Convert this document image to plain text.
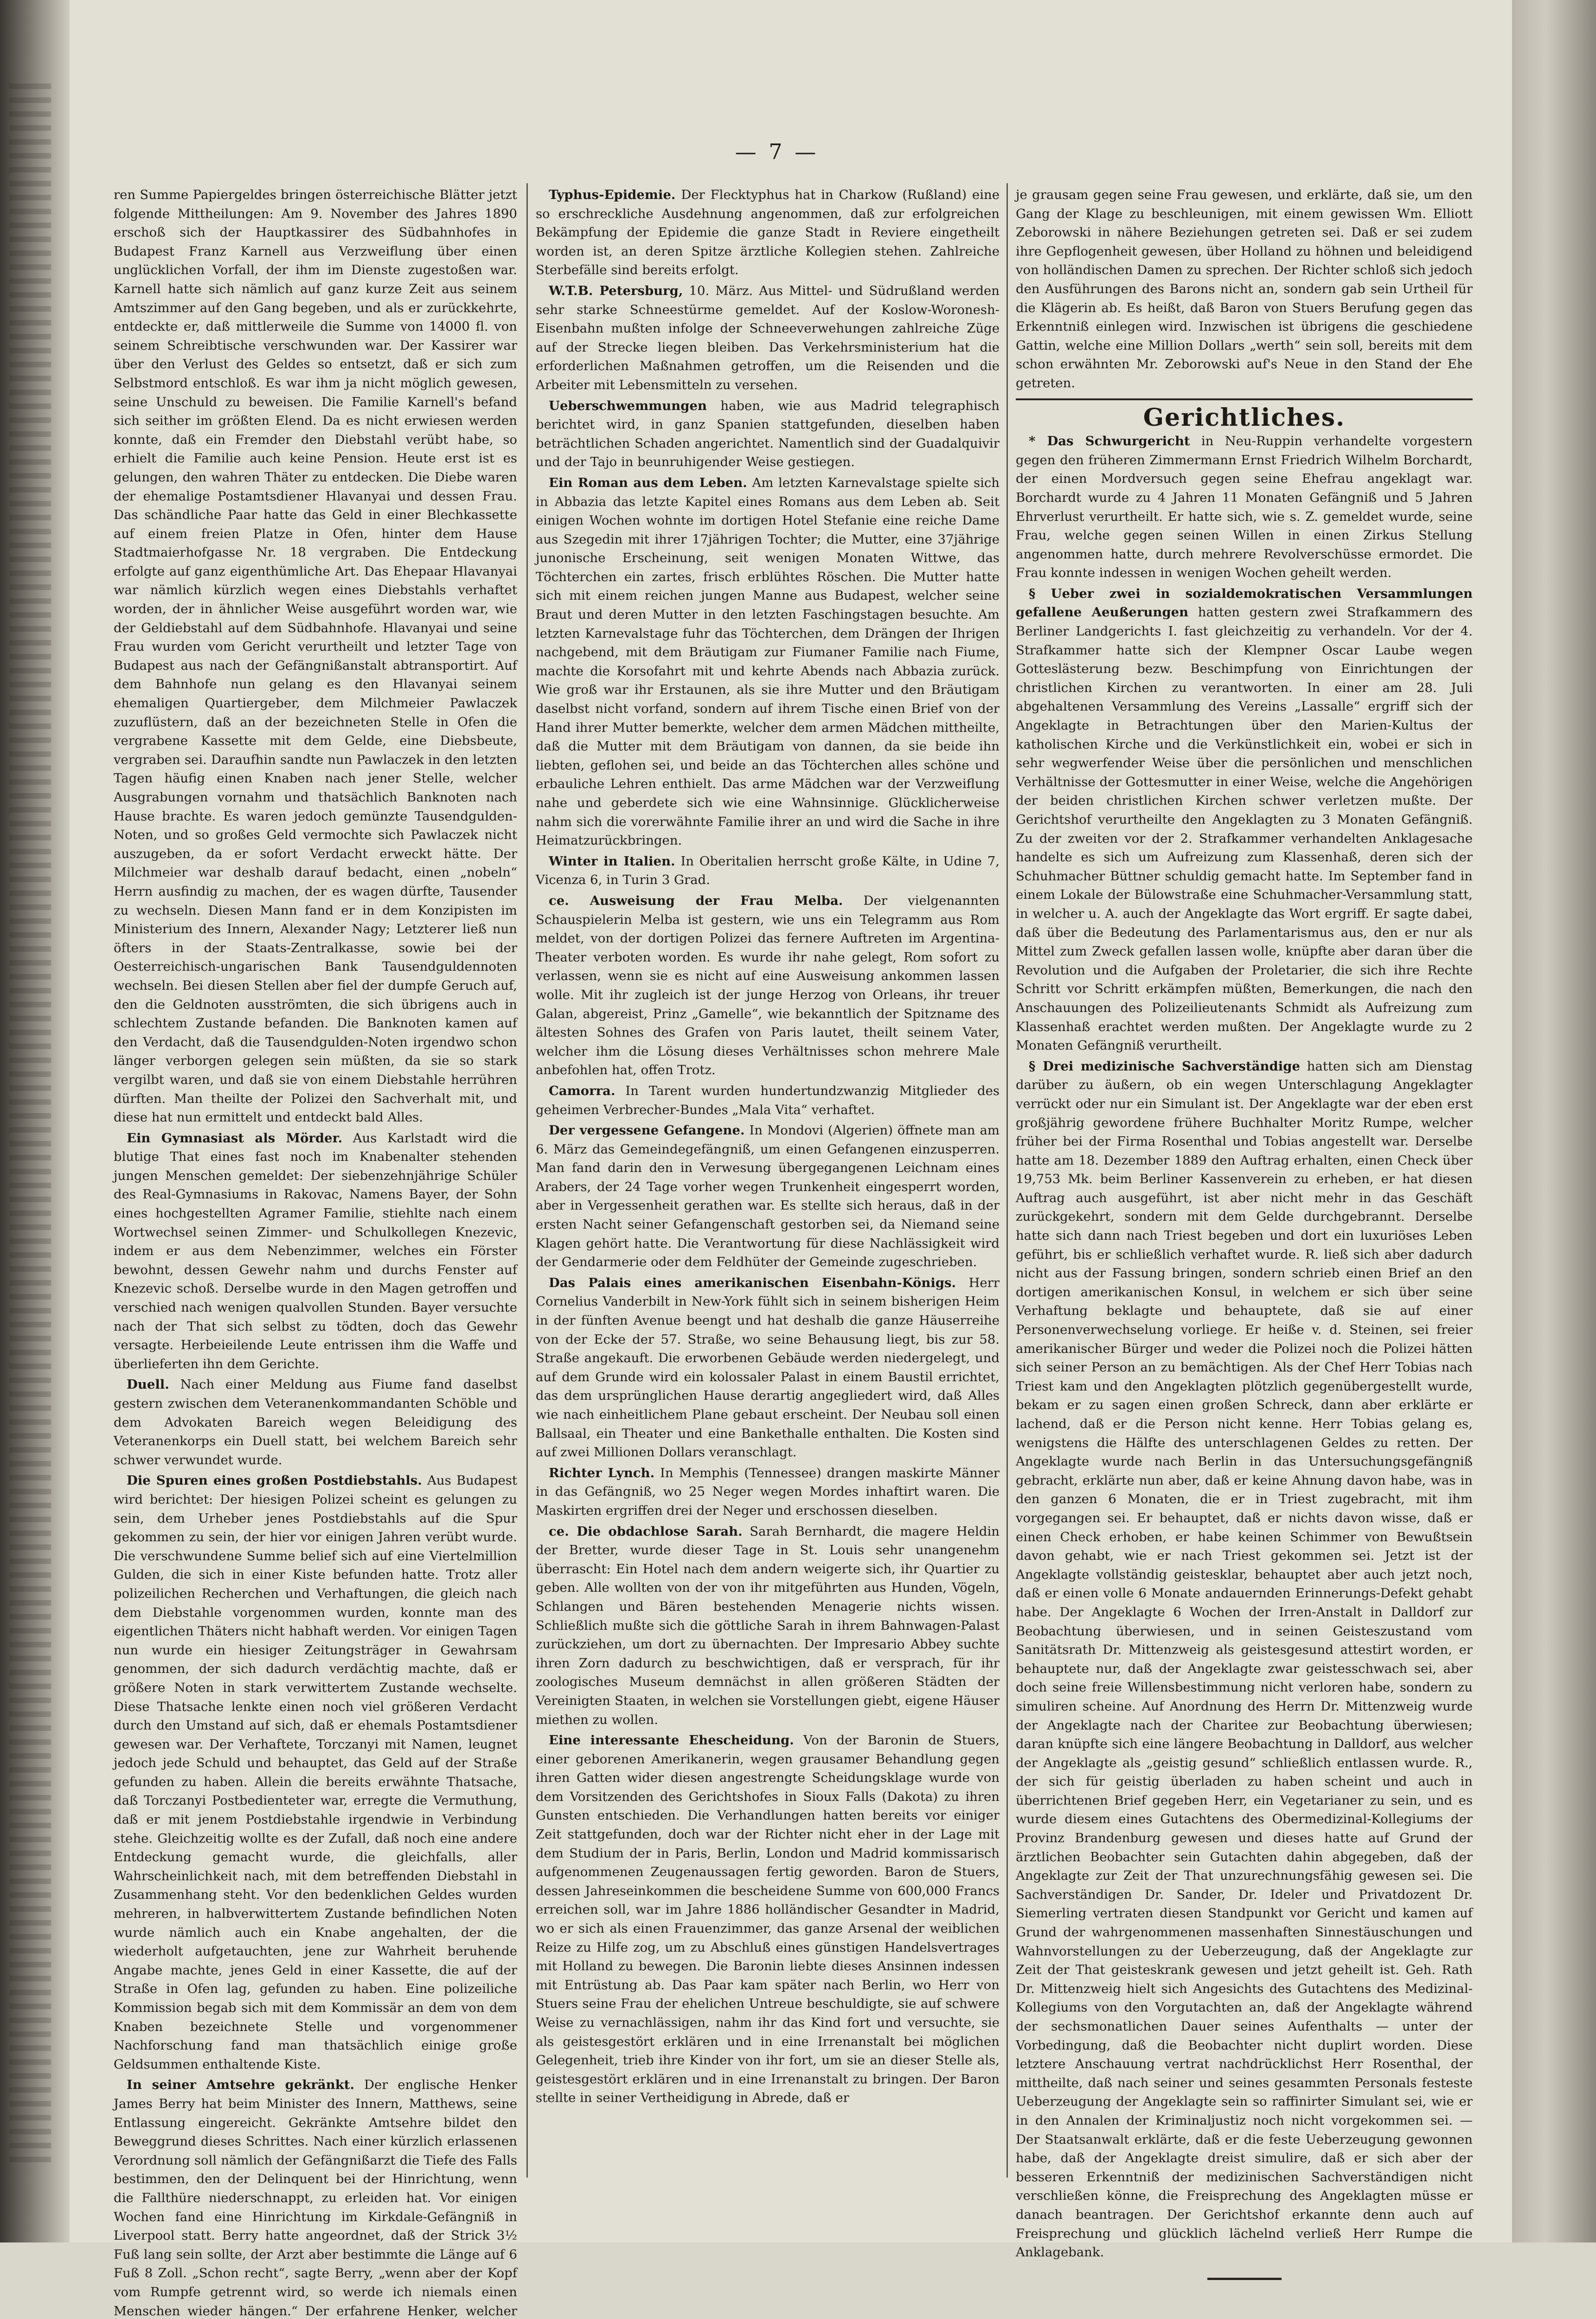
— 7 —

ren Summe Papiergeldes bringen österreichische Blätter jetzt folgende Mittheilungen: Am 9. November des Jahres 1890 erschoß sich der Hauptkassirer des Südbahnhofes in Budapest Franz Karnell aus Verzweiflung über einen unglücklichen Vorfall, der ihm im Dienste zugestoßen war. Karnell hatte sich nämlich auf ganz kurze Zeit aus seinem Amtszimmer auf den Gang begeben, und als er zurückkehrte, entdeckte er, daß mittlerweile die Summe von 14000 fl. von seinem Schreibtische verschwunden war. Der Kassirer war über den Verlust des Geldes so entsetzt, daß er sich zum Selbstmord entschloß. Es war ihm ja nicht möglich gewesen, seine Unschuld zu beweisen. Die Familie Karnell's befand sich seither im größten Elend. Da es nicht erwiesen werden konnte, daß ein Fremder den Diebstahl verübt habe, so erhielt die Familie auch keine Pension. Heute erst ist es gelungen, den wahren Thäter zu entdecken. Die Diebe waren der ehemalige Postamtsdiener Hlavanyai und dessen Frau. Das schändliche Paar hatte das Geld in einer Blechkassette auf einem freien Platze in Ofen, hinter dem Hause Stadtmaierhofgasse Nr. 18 vergraben. Die Entdeckung erfolgte auf ganz eigenthümliche Art. Das Ehepaar Hlavanyai war nämlich kürzlich wegen eines Diebstahls verhaftet worden, der in ähnlicher Weise ausgeführt worden war, wie der Geldiebstahl auf dem Südbahnhofe. Hlavanyai und seine Frau wurden vom Gericht verurtheilt und letzter Tage von Budapest aus nach der Gefängnißanstalt abtransportirt. Auf dem Bahnhofe nun gelang es den Hlavanyai seinem ehemaligen Quartiergeber, dem Milchmeier Pawlaczek zuzuflüstern, daß an der bezeichneten Stelle in Ofen die vergrabene Kassette mit dem Gelde, eine Diebsbeute, vergraben sei. Daraufhin sandte nun Pawlaczek in den letzten Tagen häufig einen Knaben nach jener Stelle, welcher Ausgrabungen vornahm und thatsächlich Banknoten nach Hause brachte. Es waren jedoch gemünzte Tausendgulden-Noten, und so großes Geld vermochte sich Pawlaczek nicht auszugeben, da er sofort Verdacht erweckt hätte. Der Milchmeier war deshalb darauf bedacht, einen „nobeln“ Herrn ausfindig zu machen, der es wagen dürfte, Tausender zu wechseln. Diesen Mann fand er in dem Konzipisten im Ministerium des Innern, Alexander Nagy; Letzterer ließ nun öfters in der Staats-Zentralkasse, sowie bei der Oesterreichisch-ungarischen Bank Tausendguldennoten wechseln. Bei diesen Stellen aber fiel der dumpfe Geruch auf, den die Geldnoten ausströmten, die sich übrigens auch in schlechtem Zustande befanden. Die Banknoten kamen auf den Verdacht, daß die Tausendgulden-Noten irgendwo schon länger verborgen gelegen sein müßten, da sie so stark vergilbt waren, und daß sie von einem Diebstahle herrühren dürften. Man theilte der Polizei den Sachverhalt mit, und diese hat nun ermittelt und entdeckt bald Alles.

Ein Gymnasiast als Mörder. Aus Karlstadt wird die blutige That eines fast noch im Knabenalter stehenden jungen Menschen gemeldet: Der siebenzehnjährige Schüler des Real-Gymnasiums in Rakovac, Namens Bayer, der Sohn eines hochgestellten Agramer Familie, stiehlte nach einem Wortwechsel seinen Zimmer- und Schulkollegen Knezevic, indem er aus dem Nebenzimmer, welches ein Förster bewohnt, dessen Gewehr nahm und durchs Fenster auf Knezevic schoß. Derselbe wurde in den Magen getroffen und verschied nach wenigen qualvollen Stunden. Bayer versuchte nach der That sich selbst zu tödten, doch das Gewehr versagte. Herbeieilende Leute entrissen ihm die Waffe und überlieferten ihn dem Gerichte.

Duell. Nach einer Meldung aus Fiume fand daselbst gestern zwischen dem Veteranenkommandanten Schöble und dem Advokaten Bareich wegen Beleidigung des Veteranenkorps ein Duell statt, bei welchem Bareich sehr schwer verwundet wurde.

Die Spuren eines großen Postdiebstahls. Aus Budapest wird berichtet: Der hiesigen Polizei scheint es gelungen zu sein, dem Urheber jenes Postdiebstahls auf die Spur gekommen zu sein, der hier vor einigen Jahren verübt wurde. Die verschwundene Summe belief sich auf eine Viertelmillion Gulden, die sich in einer Kiste befunden hatte. Trotz aller polizeilichen Recherchen und Verhaftungen, die gleich nach dem Diebstahle vorgenommen wurden, konnte man des eigentlichen Thäters nicht habhaft werden. Vor einigen Tagen nun wurde ein hiesiger Zeitungsträger in Gewahrsam genommen, der sich dadurch verdächtig machte, daß er größere Noten in stark verwittertem Zustande wechselte. Diese Thatsache lenkte einen noch viel größeren Verdacht durch den Umstand auf sich, daß er ehemals Postamtsdiener gewesen war. Der Verhaftete, Torczanyi mit Namen, leugnet jedoch jede Schuld und behauptet, das Geld auf der Straße gefunden zu haben. Allein die bereits erwähnte Thatsache, daß Torczanyi Postbedienteter war, erregte die Vermuthung, daß er mit jenem Postdiebstahle irgendwie in Verbindung stehe. Gleichzeitig wollte es der Zufall, daß noch eine andere Entdeckung gemacht wurde, die gleichfalls, aller Wahrscheinlichkeit nach, mit dem betreffenden Diebstahl in Zusammenhang steht. Vor den bedenklichen Geldes wurden mehreren, in halbverwittertem Zustande befindlichen Noten wurde nämlich auch ein Knabe angehalten, der die wiederholt aufgetauchten, jene zur Wahrheit beruhende Angabe machte, jenes Geld in einer Kassette, die auf der Straße in Ofen lag, gefunden zu haben. Eine polizeiliche Kommission begab sich mit dem Kommissär an dem von dem Knaben bezeichnete Stelle und vorgenommener Nachforschung fand man thatsächlich einige große Geldsummen enthaltende Kiste.

In seiner Amtsehre gekränkt. Der englische Henker James Berry hat beim Minister des Innern, Matthews, seine Entlassung eingereicht. Gekränkte Amtsehre bildet den Beweggrund dieses Schrittes. Nach einer kürzlich erlassenen Verordnung soll nämlich der Gefängnißarzt die Tiefe des Falls bestimmen, den der Delinquent bei der Hinrichtung, wenn die Fallthüre niederschnappt, zu erleiden hat. Vor einigen Wochen fand eine Hinrichtung im Kirkdale-Gefängniß in Liverpool statt. Berry hatte angeordnet, daß der Strick 3½ Fuß lang sein sollte, der Arzt aber bestimmte die Länge auf 6 Fuß 8 Zoll. „Schon recht“, sagte Berry, „wenn aber der Kopf vom Rumpfe getrennt wird, so werde ich niemals einen Menschen wieder hängen.“ Der erfahrene Henker, welcher

Typhus-Epidemie. Der Flecktyphus hat in Charkow (Rußland) eine so erschreckliche Ausdehnung angenommen, daß zur erfolgreichen Bekämpfung der Epidemie die ganze Stadt in Reviere eingetheilt worden ist, an deren Spitze ärztliche Kollegien stehen. Zahlreiche Sterbefälle sind bereits erfolgt.

W.T.B. Petersburg, 10. März. Aus Mittel- und Südrußland werden sehr starke Schneestürme gemeldet. Auf der Koslow-Woronesh-Eisenbahn mußten infolge der Schneeverwehungen zahlreiche Züge auf der Strecke liegen bleiben. Das Verkehrsministerium hat die erforderlichen Maßnahmen getroffen, um die Reisenden und die Arbeiter mit Lebensmitteln zu versehen.

Ueberschwemmungen haben, wie aus Madrid telegraphisch berichtet wird, in ganz Spanien stattgefunden, dieselben haben beträchtlichen Schaden angerichtet. Namentlich sind der Guadalquivir und der Tajo in beunruhigender Weise gestiegen.

Ein Roman aus dem Leben. Am letzten Karnevalstage spielte sich in Abbazia das letzte Kapitel eines Romans aus dem Leben ab. Seit einigen Wochen wohnte im dortigen Hotel Stefanie eine reiche Dame aus Szegedin mit ihrer 17jährigen Tochter; die Mutter, eine 37jährige junonische Erscheinung, seit wenigen Monaten Wittwe, das Töchterchen ein zartes, frisch erblühtes Röschen. Die Mutter hatte sich mit einem reichen jungen Manne aus Budapest, welcher seine Braut und deren Mutter in den letzten Faschingstagen besuchte. Am letzten Karnevalstage fuhr das Töchterchen, dem Drängen der Ihrigen nachgebend, mit dem Bräutigam zur Fiumaner Familie nach Fiume, machte die Korsofahrt mit und kehrte Abends nach Abbazia zurück. Wie groß war ihr Erstaunen, als sie ihre Mutter und den Bräutigam daselbst nicht vorfand, sondern auf ihrem Tische einen Brief von der Hand ihrer Mutter bemerkte, welcher dem armen Mädchen mittheilte, daß die Mutter mit dem Bräutigam von dannen, da sie beide ihn liebten, geflohen sei, und beide an das Töchterchen alles schöne und erbauliche Lehren enthielt. Das arme Mädchen war der Verzweiflung nahe und geberdete sich wie eine Wahnsinnige. Glücklicherweise nahm sich die vorerwähnte Familie ihrer an und wird die Sache in ihre Heimatzurückbringen.

Winter in Italien. In Oberitalien herrscht große Kälte, in Udine 7, Vicenza 6, in Turin 3 Grad.

ce. Ausweisung der Frau Melba. Der vielgenannten Schauspielerin Melba ist gestern, wie uns ein Telegramm aus Rom meldet, von der dortigen Polizei das fernere Auftreten im Argentina-Theater verboten worden. Es wurde ihr nahe gelegt, Rom sofort zu verlassen, wenn sie es nicht auf eine Ausweisung ankommen lassen wolle. Mit ihr zugleich ist der junge Herzog von Orleans, ihr treuer Galan, abgereist, Prinz „Gamelle“, wie bekanntlich der Spitzname des ältesten Sohnes des Grafen von Paris lautet, theilt seinem Vater, welcher ihm die Lösung dieses Verhältnisses schon mehrere Male anbefohlen hat, offen Trotz.

Camorra. In Tarent wurden hundertundzwanzig Mitglieder des geheimen Verbrecher-Bundes „Mala Vita“ verhaftet.

Der vergessene Gefangene. In Mondovi (Algerien) öffnete man am 6. März das Gemeindegefängniß, um einen Gefangenen einzusperren. Man fand darin den in Verwesung übergegangenen Leichnam eines Arabers, der 24 Tage vorher wegen Trunkenheit eingesperrt worden, aber in Vergessenheit gerathen war. Es stellte sich heraus, daß in der ersten Nacht seiner Gefangenschaft gestorben sei, da Niemand seine Klagen gehört hatte. Die Verantwortung für diese Nachlässigkeit wird der Gendarmerie oder dem Feldhüter der Gemeinde zugeschrieben.

Das Palais eines amerikanischen Eisenbahn-Königs. Herr Cornelius Vanderbilt in New-York fühlt sich in seinem bisherigen Heim in der fünften Avenue beengt und hat deshalb die ganze Häuserreihe von der Ecke der 57. Straße, wo seine Behausung liegt, bis zur 58. Straße angekauft. Die erworbenen Gebäude werden niedergelegt, und auf dem Grunde wird ein kolossaler Palast in einem Baustil errichtet, das dem ursprünglichen Hause derartig angegliedert wird, daß Alles wie nach einheitlichem Plane gebaut erscheint. Der Neubau soll einen Ballsaal, ein Theater und eine Bankethalle enthalten. Die Kosten sind auf zwei Millionen Dollars veranschlagt.

Richter Lynch. In Memphis (Tennessee) drangen maskirte Männer in das Gefängniß, wo 25 Neger wegen Mordes inhaftirt waren. Die Maskirten ergriffen drei der Neger und erschossen dieselben.

ce. Die obdachlose Sarah. Sarah Bernhardt, die magere Heldin der Bretter, wurde dieser Tage in St. Louis sehr unangenehm überrascht: Ein Hotel nach dem andern weigerte sich, ihr Quartier zu geben. Alle wollten von der von ihr mitgeführten aus Hunden, Vögeln, Schlangen und Bären bestehenden Menagerie nichts wissen. Schließlich mußte sich die göttliche Sarah in ihrem Bahnwagen-Palast zurückziehen, um dort zu übernachten. Der Impresario Abbey suchte ihren Zorn dadurch zu beschwichtigen, daß er versprach, für ihr zoologisches Museum demnächst in allen größeren Städten der Vereinigten Staaten, in welchen sie Vorstellungen giebt, eigene Häuser miethen zu wollen.

Eine interessante Ehescheidung. Von der Baronin de Stuers, einer geborenen Amerikanerin, wegen grausamer Behandlung gegen ihren Gatten wider diesen angestrengte Scheidungsklage wurde von dem Vorsitzenden des Gerichtshofes in Sioux Falls (Dakota) zu ihren Gunsten entschieden. Die Verhandlungen hatten bereits vor einiger Zeit stattgefunden, doch war der Richter nicht eher in der Lage mit dem Studium der in Paris, Berlin, London und Madrid kommissarisch aufgenommenen Zeugenaussagen fertig geworden. Baron de Stuers, dessen Jahreseinkommen die bescheidene Summe von 600,000 Francs erreichen soll, war im Jahre 1886 holländischer Gesandter in Madrid, wo er sich als einen Frauenzimmer, das ganze Arsenal der weiblichen Reize zu Hilfe zog, um zu Abschluß eines günstigen Handelsvertrages mit Holland zu bewegen. Die Baronin liebte dieses Ansinnen indessen mit Entrüstung ab. Das Paar kam später nach Berlin, wo Herr von Stuers seine Frau der ehelichen Untreue beschuldigte, sie auf schwere Weise zu vernachlässigen, nahm ihr das Kind fort und versuchte, sie als geistesgestört erklären und in eine Irrenanstalt bei möglichen Gelegenheit, trieb ihre Kinder von ihr fort, um sie an dieser Stelle als, geistesgestört erklären und in eine Irrenanstalt zu bringen. Der Baron stellte in seiner Vertheidigung in Abrede, daß er

je grausam gegen seine Frau gewesen, und erklärte, daß sie, um den Gang der Klage zu beschleunigen, mit einem gewissen Wm. Elliott Zeborowski in nähere Beziehungen getreten sei. Daß er sei zudem ihre Gepflogenheit gewesen, über Holland zu höhnen und beleidigend von holländischen Damen zu sprechen. Der Richter schloß sich jedoch den Ausführungen des Barons nicht an, sondern gab sein Urtheil für die Klägerin ab. Es heißt, daß Baron von Stuers Berufung gegen das Erkenntniß einlegen wird. Inzwischen ist übrigens die geschiedene Gattin, welche eine Million Dollars „werth“ sein soll, bereits mit dem schon erwähnten Mr. Zeborowski auf's Neue in den Stand der Ehe getreten.

Gerichtliches.

* Das Schwurgericht in Neu-Ruppin verhandelte vorgestern gegen den früheren Zimmermann Ernst Friedrich Wilhelm Borchardt, der einen Mordversuch gegen seine Ehefrau angeklagt war. Borchardt wurde zu 4 Jahren 11 Monaten Gefängniß und 5 Jahren Ehrverlust verurtheilt. Er hatte sich, wie s. Z. gemeldet wurde, seine Frau, welche gegen seinen Willen in einen Zirkus Stellung angenommen hatte, durch mehrere Revolverschüsse ermordet. Die Frau konnte indessen in wenigen Wochen geheilt werden.

§ Ueber zwei in sozialdemokratischen Versammlungen gefallene Aeußerungen hatten gestern zwei Strafkammern des Berliner Landgerichts I. fast gleichzeitig zu verhandeln. Vor der 4. Strafkammer hatte sich der Klempner Oscar Laube wegen Gotteslästerung bezw. Beschimpfung von Einrichtungen der christlichen Kirchen zu verantworten. In einer am 28. Juli abgehaltenen Versammlung des Vereins „Lassalle“ ergriff sich der Angeklagte in Betrachtungen über den Marien-Kultus der katholischen Kirche und die Verkünstlichkeit ein, wobei er sich in sehr wegwerfender Weise über die persönlichen und menschlichen Verhältnisse der Gottesmutter in einer Weise, welche die Angehörigen der beiden christlichen Kirchen schwer verletzen mußte. Der Gerichtshof verurtheilte den Angeklagten zu 3 Monaten Gefängniß. Zu der zweiten vor der 2. Strafkammer verhandelten Anklagesache handelte es sich um Aufreizung zum Klassenhaß, deren sich der Schuhmacher Büttner schuldig gemacht hatte. Im September fand in einem Lokale der Bülowstraße eine Schuhmacher-Versammlung statt, in welcher u. A. auch der Angeklagte das Wort ergriff. Er sagte dabei, daß über die Bedeutung des Parlamentarismus aus, den er nur als Mittel zum Zweck gefallen lassen wolle, knüpfte aber daran über die Revolution und die Aufgaben der Proletarier, die sich ihre Rechte Schritt vor Schritt erkämpfen müßten, Bemerkungen, die nach den Anschauungen des Polizeilieutenants Schmidt als Aufreizung zum Klassenhaß erachtet werden mußten. Der Angeklagte wurde zu 2 Monaten Gefängniß verurtheilt.

§ Drei medizinische Sachverständige hatten sich am Dienstag darüber zu äußern, ob ein wegen Unterschlagung Angeklagter verrückt oder nur ein Simulant ist. Der Angeklagte war der eben erst großjährig gewordene frühere Buchhalter Moritz Rumpe, welcher früher bei der Firma Rosenthal und Tobias angestellt war. Derselbe hatte am 18. Dezember 1889 den Auftrag erhalten, einen Check über 19,753 Mk. beim Berliner Kassenverein zu erheben, er hat diesen Auftrag auch ausgeführt, ist aber nicht mehr in das Geschäft zurückgekehrt, sondern mit dem Gelde durchgebrannt. Derselbe hatte sich dann nach Triest begeben und dort ein luxuriöses Leben geführt, bis er schließlich verhaftet wurde. R. ließ sich aber dadurch nicht aus der Fassung bringen, sondern schrieb einen Brief an den dortigen amerikanischen Konsul, in welchem er sich über seine Verhaftung beklagte und behauptete, daß sie auf einer Personenverwechselung vorliege. Er heiße v. d. Steinen, sei freier amerikanischer Bürger und weder die Polizei noch die Polizei hätten sich seiner Person an zu bemächtigen. Als der Chef Herr Tobias nach Triest kam und den Angeklagten plötzlich gegenübergestellt wurde, bekam er zu sagen einen großen Schreck, dann aber erklärte er lachend, daß er die Person nicht kenne. Herr Tobias gelang es, wenigstens die Hälfte des unterschlagenen Geldes zu retten. Der Angeklagte wurde nach Berlin in das Untersuchungsgefängniß gebracht, erklärte nun aber, daß er keine Ahnung davon habe, was in den ganzen 6 Monaten, die er in Triest zugebracht, mit ihm vorgegangen sei. Er behauptet, daß er nichts davon wisse, daß er einen Check erhoben, er habe keinen Schimmer von Bewußtsein davon gehabt, wie er nach Triest gekommen sei. Jetzt ist der Angeklagte vollständig geistesklar, behauptet aber auch jetzt noch, daß er einen volle 6 Monate andauernden Erinnerungs-Defekt gehabt habe. Der Angeklagte 6 Wochen der Irren-Anstalt in Dalldorf zur Beobachtung überwiesen, und in seinen Geisteszustand vom Sanitätsrath Dr. Mittenzweig als geistesgesund attestirt worden, er behauptete nur, daß der Angeklagte zwar geistesschwach sei, aber doch seine freie Willensbestimmung nicht verloren habe, sondern zu simuliren scheine. Auf Anordnung des Herrn Dr. Mittenzweig wurde der Angeklagte nach der Charitee zur Beobachtung überwiesen; daran knüpfte sich eine längere Beobachtung in Dalldorf, aus welcher der Angeklagte als „geistig gesund“ schließlich entlassen wurde. R., der sich für geistig überladen zu haben scheint und auch in überrichtenen Brief gegeben Herr, ein Vegetarianer zu sein, und es wurde diesem eines Gutachtens des Obermedizinal-Kollegiums der Provinz Brandenburg gewesen und dieses hatte auf Grund der ärztlichen Beobachter sein Gutachten dahin abgegeben, daß der Angeklagte zur Zeit der That unzurechnungsfähig gewesen sei. Die Sachverständigen Dr. Sander, Dr. Ideler und Privatdozent Dr. Siemerling vertraten diesen Standpunkt vor Gericht und kamen auf Grund der wahrgenommenen massenhaften Sinnestäuschungen und Wahnvorstellungen zu der Ueberzeugung, daß der Angeklagte zur Zeit der That geisteskrank gewesen und jetzt geheilt ist. Geh. Rath Dr. Mittenzweig hielt sich Angesichts des Gutachtens des Medizinal-Kollegiums von den Vorgutachten an, daß der Angeklagte während der sechsmonatlichen Dauer seines Aufenthalts — unter der Vorbedingung, daß die Beobachter nicht duplirt worden. Diese letztere Anschauung vertrat nachdrücklichst Herr Rosenthal, der mittheilte, daß nach seiner und seines gesammten Personals festeste Ueberzeugung der Angeklagte sein so raffinirter Simulant sei, wie er in den Annalen der Kriminaljustiz noch nicht vorgekommen sei. — Der Staatsanwalt erklärte, daß er die feste Ueberzeugung gewonnen habe, daß der Angeklagte dreist simulire, daß er sich aber der besseren Erkenntniß der medizinischen Sachverständigen nicht verschließen könne, die Freisprechung des Angeklagten müsse er danach beantragen. Der Gerichtshof erkannte denn auch auf Freisprechung und glücklich lächelnd verließ Herr Rumpe die Anklagebank.
